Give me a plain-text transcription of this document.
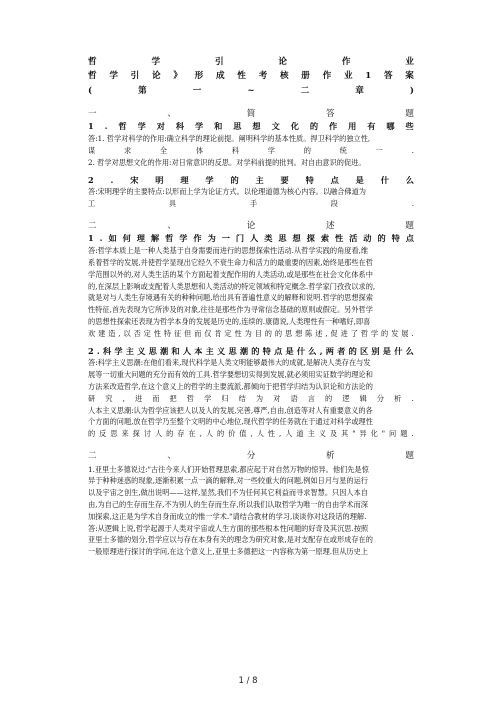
哲	学	引	论	作	业
哲 学 引 论 》 形 成 性 考 核 册 作 业 1 答 案
(	第	一	~	二	章	)
一	、	简	答	题
1 . 哲 学 对 科 学 和 思 想 文 化 的 作 用 有 哪 些
答:1. 哲学对科学的作用:确立科学的理论前提。阐明科学的基本性质。捍卫科学的独立性,
谋	求	全	体	科	学	的	统	一	.
2. 哲学对思想文化的作用:对日常意识的反思。对学科前提的批判。对自由意识的促进。
2 . 宋 明 理 学 的 主 要 特 点 是 什 么
答:宋明理学的主要特点:以形而上学为论证方式。以伦理道德为核心内容。以融合佛道为
工	具	手	段	.
二	、	论	述	题
1 . 如 何 理 解 哲 学 作 为 一 门 人 类 思 想 探 索 性 活 动 的 特 点
答:哲学本质上是一种人类基于自身需要而进行的思想探索性活动.从哲学实践的角度看,维
系着哲学的发展,并使哲学显现出它经久不衰生命力和活力的最重要的因素,始终是那些在哲
学范围以外的,对人类生活的某个方面起着支配作用的人类活动,或是那些在社会文化体系中
的,在深层上影响或支配着人类思想和人类活动的特定领域和特定概念.哲学家门孜孜以求的,
就是对与人类生存境遇有关的种种问题,给出具有普遍性意义的解释和说明.哲学的思想探索
性特征,首先表现为它所涉及的对象,往往是那些作为寻常信念基础的原则或假定。另外哲学
的思想性探索还表现为哲学本身的发展是历史的,连续的.康德说,人类理性有一种嗜好,即喜
欢 建 造 , 以 否 定 性 特 征 但 而 仅 肯 定 性 为 目 的 的 思 想 陈 述 , 促 进 了 哲 学 的 发 展 .
2 . 科 学 主 义 思 潮 和 人 本 主 义 思 潮 的 特 点 是 什 么 , 两 者 的 区 别 是 什 么
答:科学主义思潮:在他们看来,现代科学是人类文明能够最伟大的成就,是解决人类存在与发
展等一切重大问题的充分而有效的工具.哲学要想切实得到发展,就必须用实证数学的理论和
方法来改造哲学,在这个意义上的哲学的主要流派,都倾向于把哲学归结为认识论和方法论的
研 究 , 进 而 把 哲 学 归 结 为 对 语 言 的 逻 辑 分 析 .
人本主义思潮:认为哲学应该把人以及人的发展,完善,尊严,自由,创造等对人有重要意义的各
个方面的问题,放在哲学乃至整个文明的中心地位,现代哲学的任务就在于通过对科学或理性
的 反 思 来 探 讨 人 的 存 在 , 人 的 价 值 , 人 性 , 人 道 主 义 及 其 " 异 化 " 问 题 .
二	、	分	析	题
1.亚里士多德说过:"古往今来人们开始哲理思索,都应起于对自然万物的惊异。他们先是惊
异于种种迷惑的现象,逐渐积累一点一滴的解释,对一些较重大的问题,例如日月与星的运行
以及宇宙之创生,做出说明——这样,显然,我们不为任何其它利益而寻求智慧。只因人本自
由,为自己的生存而生存,不为别人的生存而生存,所以我们认取哲学为唯一的自由学术而深
加探索,这正是为学术自身而成立的惟一学术."请结合教材的学习,谈谈你对这段话的理解.
答:从逻辑上说,哲学起源于人类对宇宙或人生方面的那些根本性问题的好奇及其沉思.按照
亚里士多德的划分,哲学应以与存在本身有关的理念为研究对象,是对支配存在或形成存在的
一般原理进行探讨的学问,在这个意义上,亚里士多德把这一内容称为第一原理.但从历史上
1 / 8
